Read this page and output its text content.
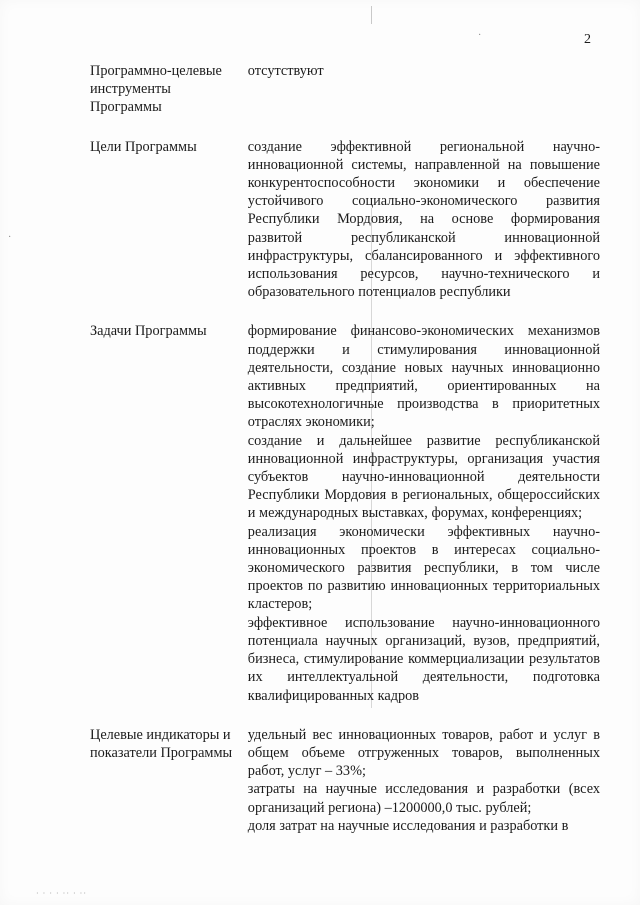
2
·
·
Программно-целевые инструменты Программы	отсутствуют

Цели Программы	создание эффективной региональной научно-инновационной системы, направленной на повышение конкурентоспособности экономики и обеспечение устойчивого социально-экономического развития Республики Мордовия, на основе формирования развитой республиканской инновационной инфраструктуры, сбалансированного и эффективного использования ресурсов, научно-технического и образовательного потенциалов республики

Задачи Программы	формирование финансово-экономических механизмов поддержки и стимулирования инновационной деятельности, создание новых научных инновационно активных предприятий, ориентированных на высокотехнологичные производства в приоритетных отраслях экономики;
создание и дальнейшее развитие республиканской инновационной инфраструктуры, организация участия субъектов научно-инновационной деятельности Республики Мордовия в региональных, общероссийских и международных выставках, форумах, конференциях;
реализация экономически эффективных научно-инновационных проектов в интересах социально-экономического развития республики, в том числе проектов по развитию инновационных территориальных кластеров;
эффективное использование научно-инновационного потенциала научных организаций, вузов, предприятий, бизнеса, стимулирование коммерциализации результатов их интеллектуальной деятельности, подготовка квалифицированных кадров

Целевые индикаторы и показатели Программы	удельный вес инновационных товаров, работ и услуг в общем объеме отгруженных товаров, выполненных работ, услуг – 33%;
затраты на научные исследования и разработки (всех организаций региона) –1200000,0 тыс. рублей;
доля затрат на научные исследования и разработки в
· · · · ·· · ··
